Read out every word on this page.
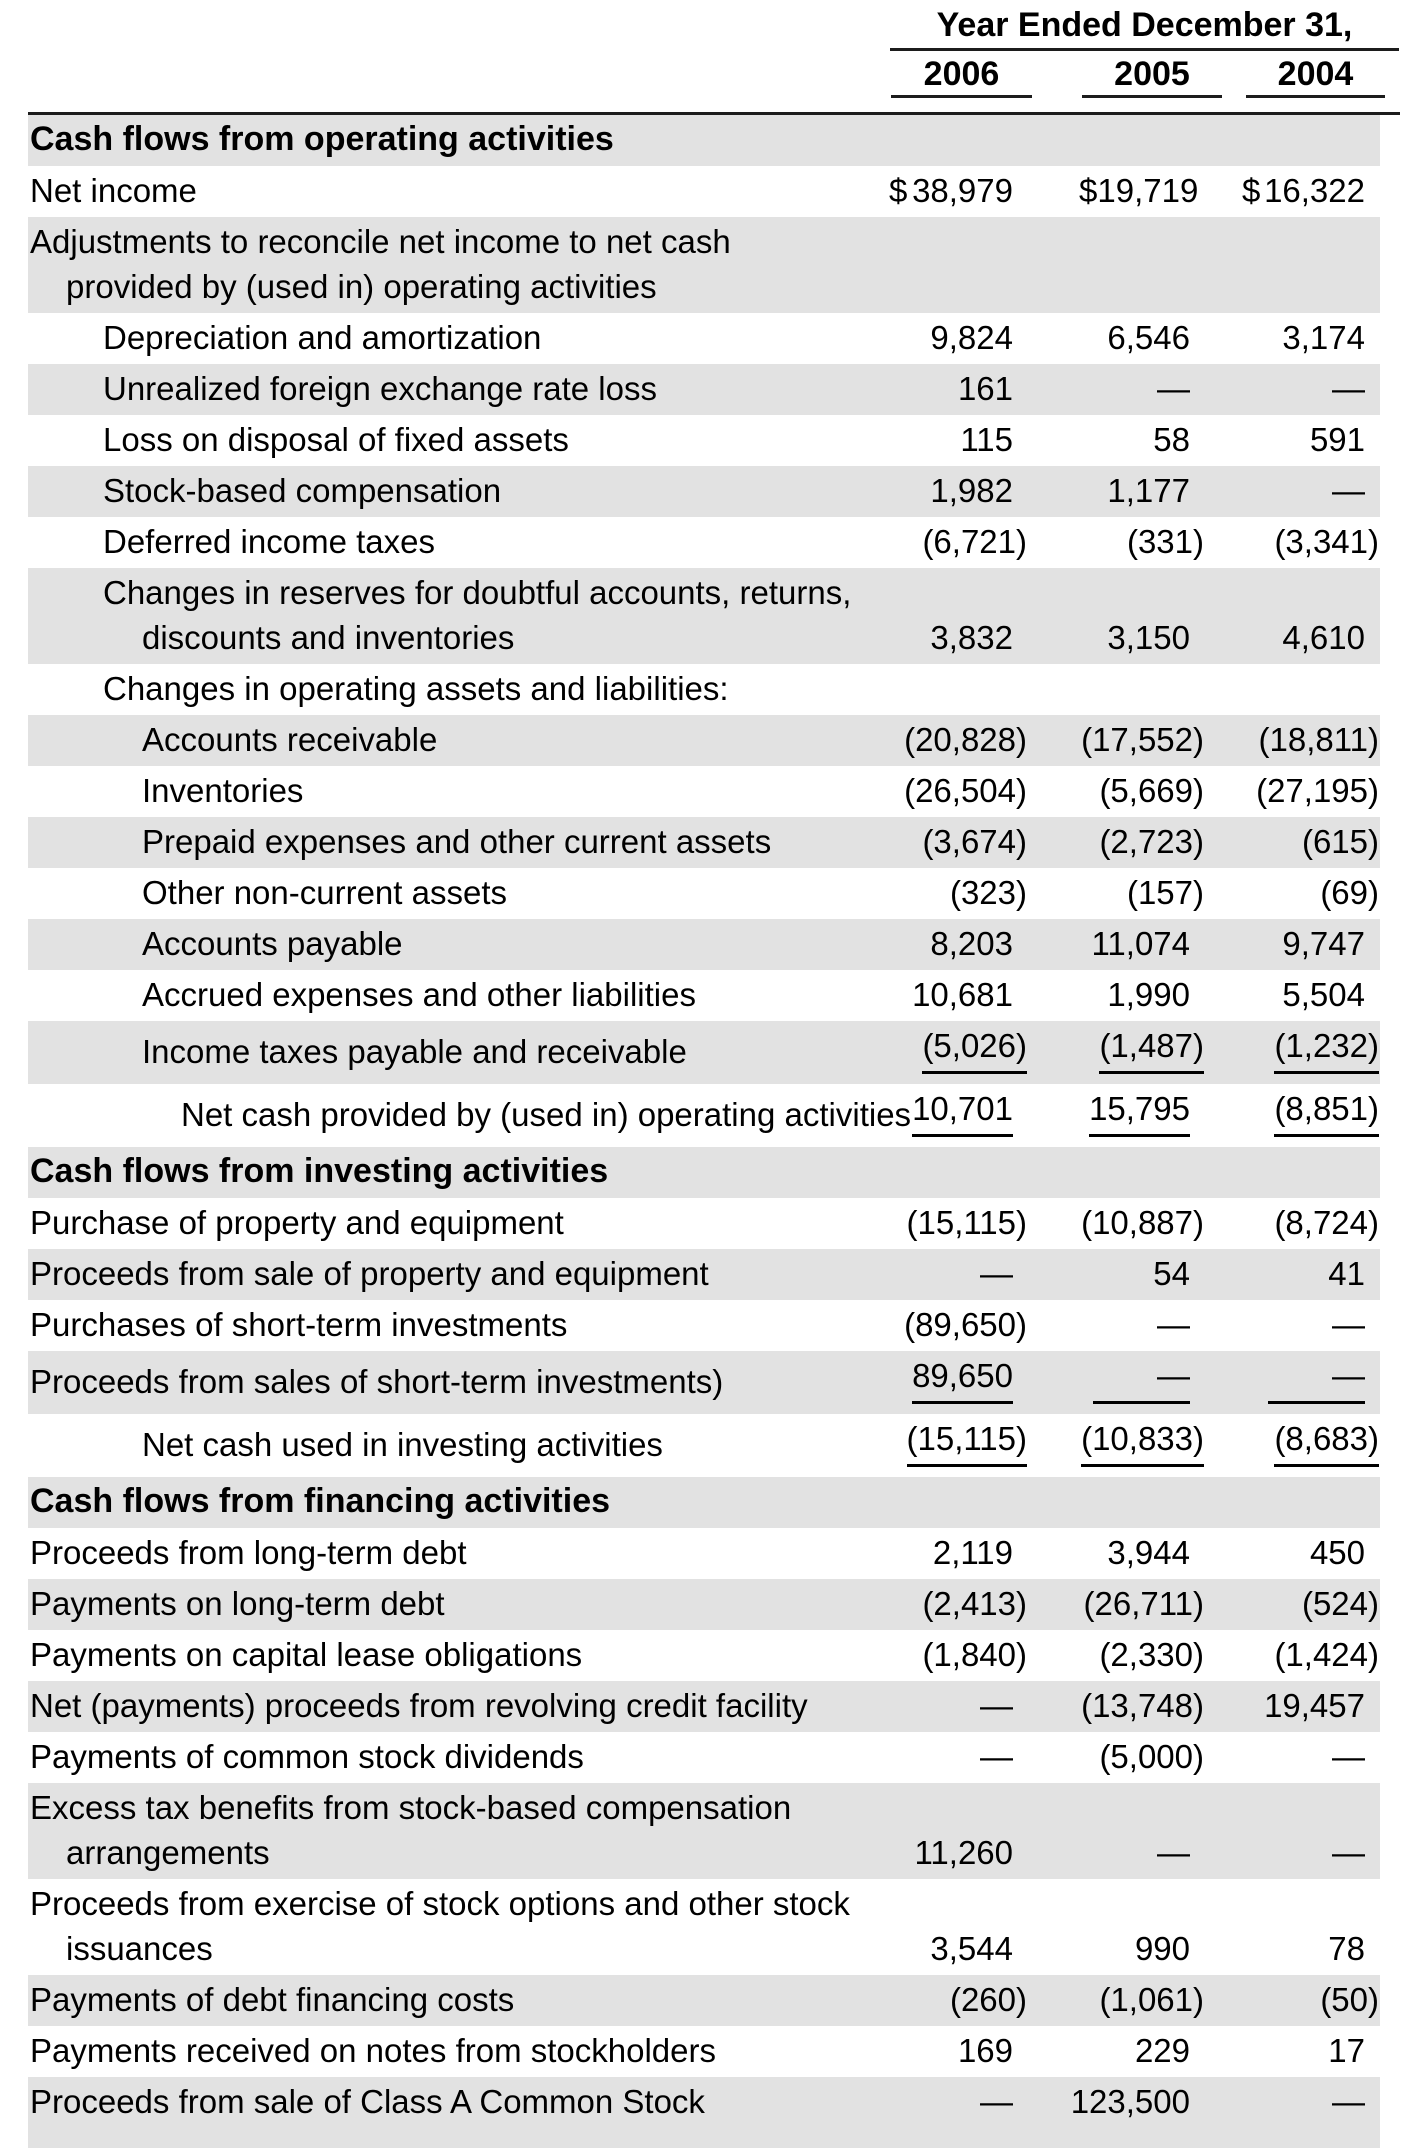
Year Ended December 31,
2006	2005	2004
Cash flows from operating activities
Net income	$ 38,979 $ 19,719 $ 16,322
Adjustments to reconcile net income to net cash
provided by (used in) operating activities
Depreciation and amortization	9,824	6,546	3,174
Unrealized foreign exchange rate loss	161	—	—
Loss on disposal of fixed assets	115	58	591
Stock-based compensation	1,982	1,177	—
Deferred income taxes	(6,721)	(331)	(3,341)
Changes in reserves for doubtful accounts, returns,
discounts and inventories	3,832	3,150	4,610
Changes in operating assets and liabilities:
Accounts receivable	(20,828)	(17,552)	(18,811)
Inventories	(26,504)	(5,669)	(27,195)
Prepaid expenses and other current assets	(3,674)	(2,723)	(615)
Other non-current assets	(323)	(157)	(69)
Accounts payable	8,203	11,074	9,747
Accrued expenses and other liabilities	10,681	1,990	5,504
Income taxes payable and receivable	(5,026)	(1,487)	(1,232)
Net cash provided by (used in) operating activities 10,701	15,795	(8,851)
Cash flows from investing activities
Purchase of property and equipment	(15,115)	(10,887)	(8,724)
Proceeds from sale of property and equipment	—	54	41
Purchases of short-term investments	(89,650)	—	—
Proceeds from sales of short-term investments)	89,650	—	—
Net cash used in investing activities	(15,115)	(10,833)	(8,683)
Cash flows from financing activities
Proceeds from long-term debt	2,119	3,944	450
Payments on long-term debt	(2,413)	(26,711)	(524)
Payments on capital lease obligations	(1,840)	(2,330)	(1,424)
Net (payments) proceeds from revolving credit facility	—	(13,748)	19,457
Payments of common stock dividends	—	(5,000)	—
Excess tax benefits from stock-based compensation
arrangements	11,260	—	—
Proceeds from exercise of stock options and other stock
issuances	3,544	990	78
Payments of debt financing costs	(260)	(1,061)	(50)
Payments received on notes from stockholders	169	229	17
Proceeds from sale of Class A Common Stock	—	123,500	—
